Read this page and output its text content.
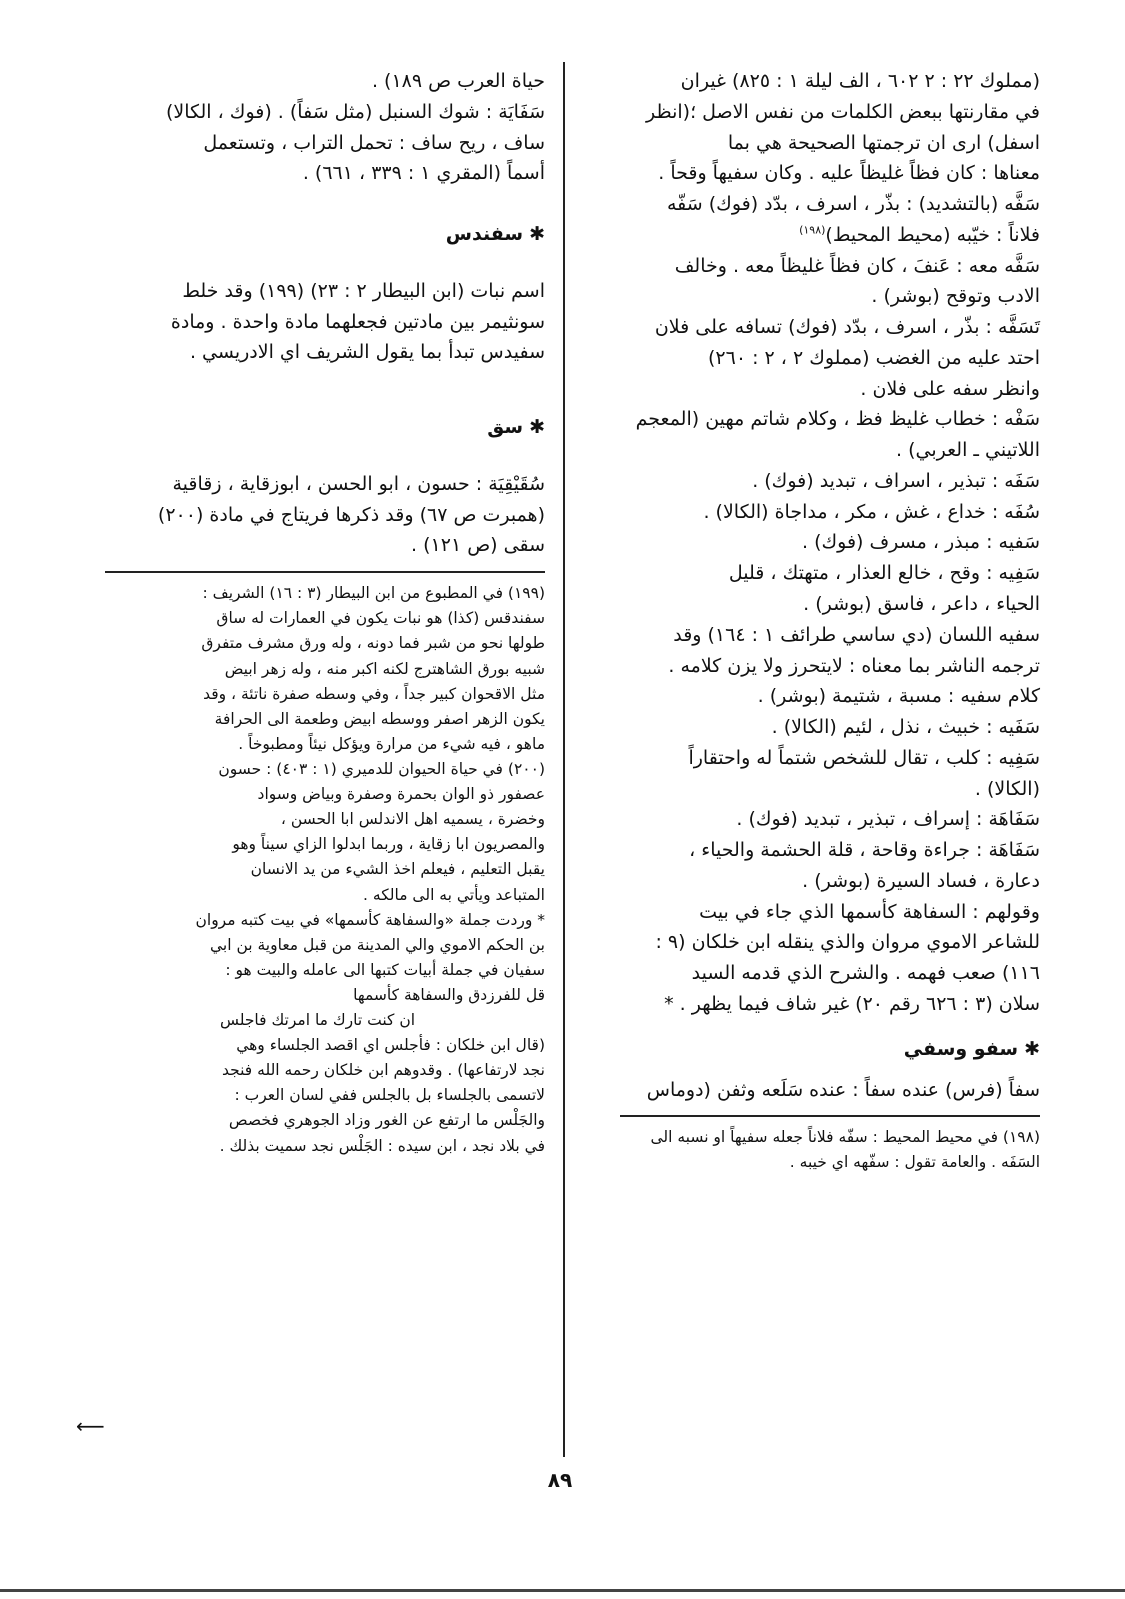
(مملوك ٢٢ : ٢ ٦٠٢ ، الف ليلة ١ : ٨٢٥) غيران
في مقارنتها ببعض الكلمات من نفس الاصل ؛(انظر
اسفل) ارى ان ترجمتها الصحيحة هي بما
معناها : كان فظاً غليظاً عليه . وكان سفيهاً وقحاً .
سَفَّه (بالتشديد) : بذّر ، اسرف ، بدّد (فوك) سَفّه
فلاناً : خيّبه (محيط المحيط)$^{(١٩٨)}$
سَفَّه معه : عَنفَ ، كان فظاً غليظاً معه . وخالف
الادب وتوقح (بوشر) .
تَسَفَّه : بذّر ، اسرف ، بدّد (فوك) تسافه على فلان
احتد عليه من الغضب (مملوك ٢ ، ٢ : ٢٦٠)
وانظر سفه على فلان .
سَفْه : خطاب غليظ فظ ، وكلام شاتم مهين (المعجم
اللاتيني ـ العربي) .
سَفَه : تبذير ، اسراف ، تبديد (فوك) .
سُفَه : خداع ، غش ، مكر ، مداجاة (الكالا) .
سَفيه : مبذر ، مسرف (فوك) .
سَفِيه : وقح ، خالع العذار ، متهتك ، قليل
الحياء ، داعر ، فاسق (بوشر) .
سفيه اللسان (دي ساسي طرائف ١ : ١٦٤) وقد
ترجمه الناشر بما معناه : لايتحرز ولا يزن كلامه .
كلام سفيه : مسبة ، شتيمة (بوشر) .
سَفَيه : خبيث ، نذل ، لئيم (الكالا) .
سَفِيه : كلب ، تقال للشخص شتماً له واحتقاراً
(الكالا) .
سَفَاهَة : إسراف ، تبذير ، تبديد (فوك) .
سَفَاهَة : جراءة وقاحة ، قلة الحشمة والحياء ،
دعارة ، فساد السيرة (بوشر) .
وقولهم : السفاهة كأسمها الذي جاء في بيت
للشاعر الاموي مروان والذي ينقله ابن خلكان (٩ :
١١٦) صعب فهمه . والشرح الذي قدمه السيد
سلان (٣ : ٦٢٦ رقم ٢٠) غير شاف فيما يظهر . *
✱سفو وسفي
سفاً (فرس) عنده سفاً : عنده سَلَعه وثفن (دوماس
(١٩٨) في محيط المحيط : سفّه فلاناً جعله سفيهاً او نسبه الى
السَفَه . والعامة تقول : سفّهه اي خيبه .
حياة العرب ص ١٨٩) .
سَفَايَة : شوك السنبل (مثل سَفاً) . (فوك ، الكالا)
ساف ، ريح ساف : تحمل التراب ، وتستعمل
أسماً (المقري ١ : ٣٣٩ ، ٦٦١) .
✱سفندس
اسم نبات (ابن البيطار ٢ : ٢٣) (١٩٩) وقد خلط
سونثيمر بين مادتين فجعلهما مادة واحدة . ومادة
سفيدس تبدأ بما يقول الشريف اي الادريسي .
✱سق
سُقَيْقِيَة : حسون ، ابو الحسن ، ابوزقاية ، زقاقية
(همبرت ص ٦٧) وقد ذكرها فريتاج في مادة (٢٠٠)
سقى (ص ١٢١) .
(١٩٩) في المطبوع من ابن البيطار (٣ : ١٦) الشريف :
سفندقس (كذا) هو نبات يكون في العمارات له ساق
طولها نحو من شبر فما دونه ، وله ورق مشرف متفرق
شبيه بورق الشاهترج لكنه اكبر منه ، وله زهر ابيض
مثل الاقحوان كبير جداً ، وفي وسطه صفرة ناتئة ، وقد
يكون الزهر اصفر ووسطه ابيض وطعمة الى الحرافة
ماهو ، فيه شيء من مرارة ويؤكل نيئاً ومطبوخاً .
(٢٠٠) في حياة الحيوان للدميري (١ : ٤٠٣) : حسون
عصفور ذو الوان بحمرة وصفرة وبياض وسواد
وخضرة ، يسميه اهل الاندلس ابا الحسن ،
والمصريون ابا زقاية ، وربما ابدلوا الزاي سيناً وهو
يقبل التعليم ، فيعلم اخذ الشيء من يد الانسان
المتباعد ويأتي به الى مالكه .
* وردت جملة «والسفاهة كأسمها» في بيت كتبه مروان
بن الحكم الاموي والي المدينة من قبل معاوية بن ابي
سفيان في جملة أبيات كتبها الى عامله والبيت هو :
قل للفرزدق والسفاهة كأسمها
ان كنت تارك ما امرتك فاجلس
(قال ابن خلكان : فأجلس اي اقصد الجلساء وهي
نجد لارتفاعها) . وقدوهم ابن خلكان رحمه الله فنجد
لاتسمى بالجلساء بل بالجلس ففي لسان العرب :
والجَلْس ما ارتفع عن الغور وزاد الجوهري فخصص
في بلاد نجد ، ابن سيده : الجَلْس نجد سميت بذلك .
⟵
٨٩
